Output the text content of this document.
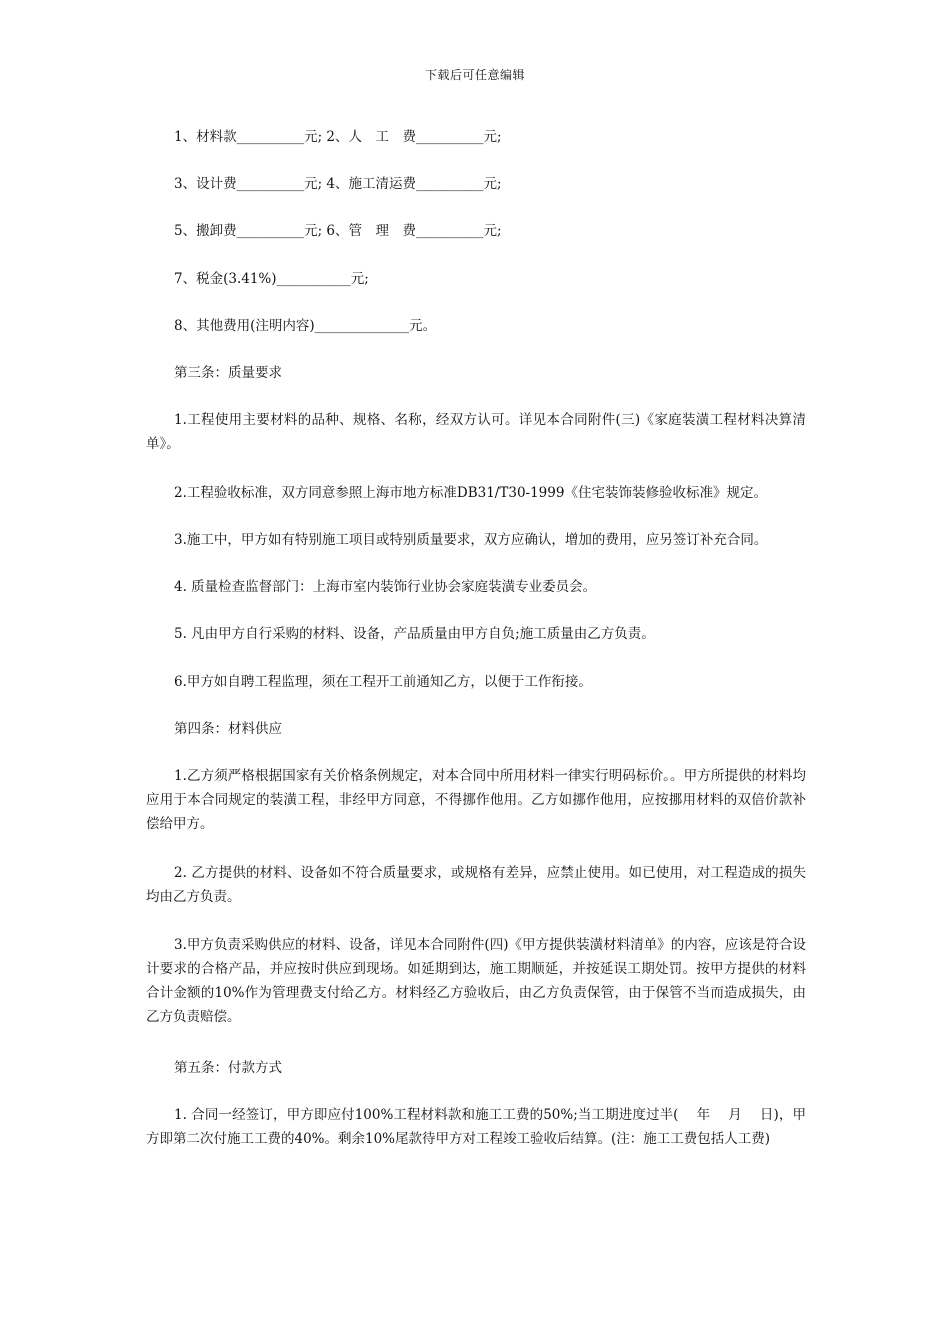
下载后可任意编辑
1、材料款__________元; 2、人　工　费__________元;
3、设计费__________元; 4、施工清运费__________元;
5、搬卸费__________元; 6、管　理　费__________元;
7、税金(3.41%)___________元;
8、其他费用(注明内容)______________元。
第三条：质量要求
1.工程使用主要材料的品种、规格、名称，经双方认可。详见本合同附件(三)《家庭装潢工程材料决算清单》。
2.工程验收标准，双方同意参照上海市地方标准DB31/T30-1999《住宅装饰装修验收标准》规定。
3.施工中，甲方如有特别施工项目或特别质量要求，双方应确认，增加的费用，应另签订补充合同。
4. 质量检查监督部门：上海市室内装饰行业协会家庭装潢专业委员会。
5. 凡由甲方自行采购的材料、设备，产品质量由甲方自负;施工质量由乙方负责。
6.甲方如自聘工程监理，须在工程开工前通知乙方，以便于工作衔接。
第四条：材料供应
1.乙方须严格根据国家有关价格条例规定，对本合同中所用材料一律实行明码标价。。甲方所提供的材料均应用于本合同规定的装潢工程，非经甲方同意，不得挪作他用。乙方如挪作他用，应按挪用材料的双倍价款补偿给甲方。
2. 乙方提供的材料、设备如不符合质量要求，或规格有差异，应禁止使用。如已使用，对工程造成的损失均由乙方负责。
3.甲方负责采购供应的材料、设备，详见本合同附件(四)《甲方提供装潢材料清单》的内容，应该是符合设计要求的合格产品，并应按时供应到现场。如延期到达，施工期顺延，并按延误工期处罚。按甲方提供的材料合计金额的10%作为管理费支付给乙方。材料经乙方验收后，由乙方负责保管，由于保管不当而造成损失，由乙方负责赔偿。
第五条：付款方式
1. 合同一经签订，甲方即应付100%工程材料款和施工工费的50%;当工期进度过半(　 年　 月　 日)，甲方即第二次付施工工费的40%。剩余10%尾款待甲方对工程竣工验收后结算。(注：施工工费包括人工费)
